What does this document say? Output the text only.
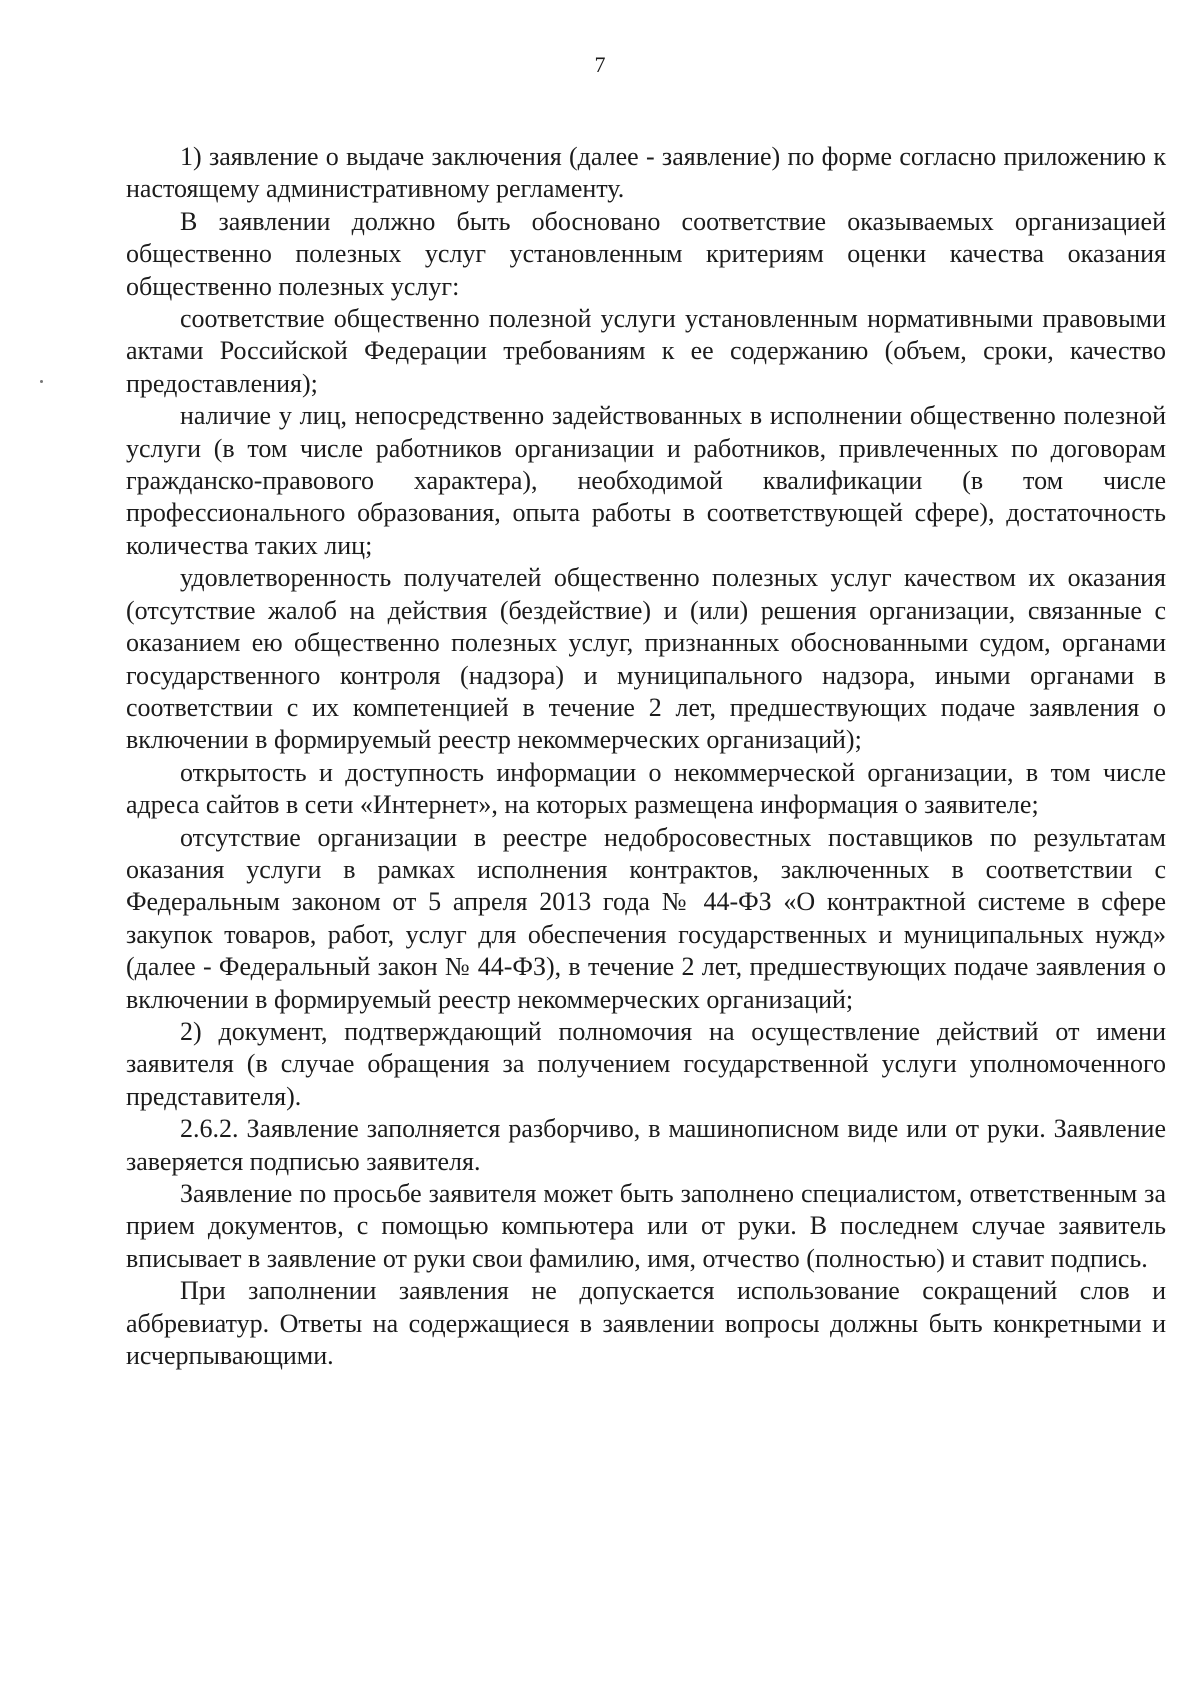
7

1) заявление о выдаче заключения (далее - заявление) по форме согласно приложению к настоящему административному регламенту.

В заявлении должно быть обосновано соответствие оказываемых организацией общественно полезных услуг установленным критериям оценки качества оказания общественно полезных услуг:

соответствие общественно полезной услуги установленным нормативными правовыми актами Российской Федерации требованиям к ее содержанию (объем, сроки, качество предоставления);

наличие у лиц, непосредственно задействованных в исполнении общественно полезной услуги (в том числе работников организации и работников, привлеченных по договорам гражданско-правового характера), необходимой квалификации (в том числе профессионального образования, опыта работы в соответствующей сфере), достаточность количества таких лиц;

удовлетворенность получателей общественно полезных услуг качеством их оказания (отсутствие жалоб на действия (бездействие) и (или) решения организации, связанные с оказанием ею общественно полезных услуг, признанных обоснованными судом, органами государственного контроля (надзора) и муниципального надзора, иными органами в соответствии с их компетенцией в течение 2 лет, предшествующих подаче заявления о включении в формируемый реестр некоммерческих организаций);

открытость и доступность информации о некоммерческой организации, в том числе адреса сайтов в сети «Интернет», на которых размещена информация о заявителе;

отсутствие организации в реестре недобросовестных поставщиков по результатам оказания услуги в рамках исполнения контрактов, заключенных в соответствии с Федеральным законом от 5 апреля 2013 года № 44-ФЗ «О контрактной системе в сфере закупок товаров, работ, услуг для обеспечения государственных и муниципальных нужд» (далее - Федеральный закон № 44-ФЗ), в течение 2 лет, предшествующих подаче заявления о включении в формируемый реестр некоммерческих организаций;

2) документ, подтверждающий полномочия на осуществление действий от имени заявителя (в случае обращения за получением государственной услуги уполномоченного представителя).

2.6.2. Заявление заполняется разборчиво, в машинописном виде или от руки. Заявление заверяется подписью заявителя.

Заявление по просьбе заявителя может быть заполнено специалистом, ответственным за прием документов, с помощью компьютера или от руки. В последнем случае заявитель вписывает в заявление от руки свои фамилию, имя, отчество (полностью) и ставит подпись.

При заполнении заявления не допускается использование сокращений слов и аббревиатур. Ответы на содержащиеся в заявлении вопросы должны быть конкретными и исчерпывающими.
